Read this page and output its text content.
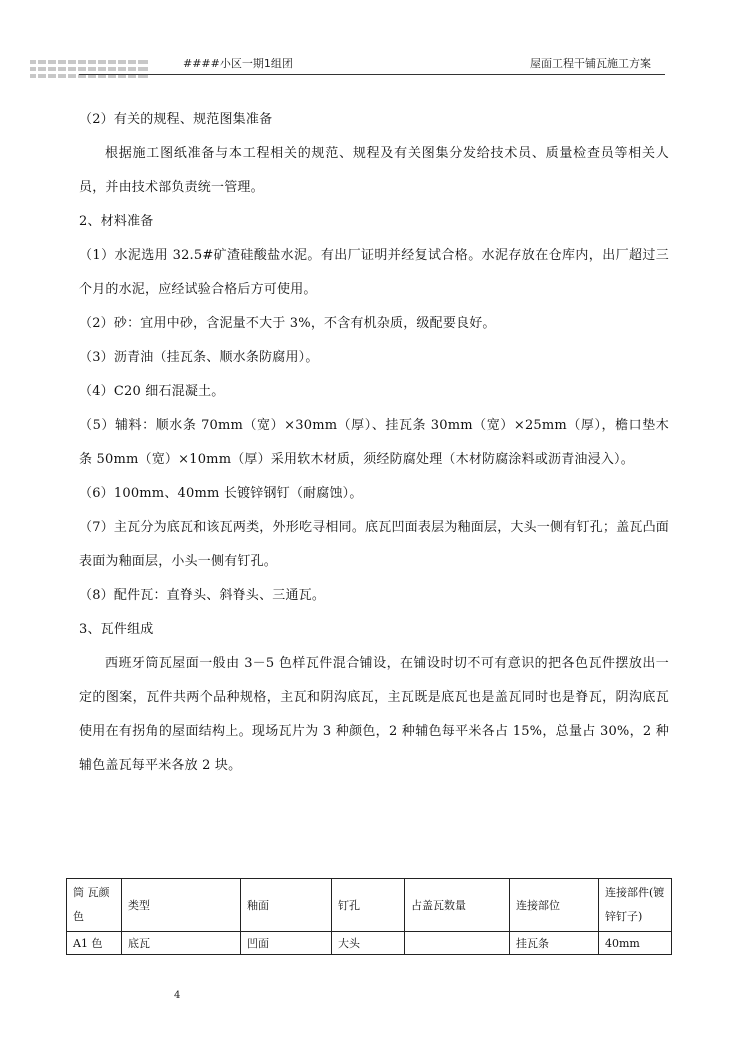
####小区一期1组团	屋面工程干铺瓦施工方案

（2）有关的规程、规范图集准备

根据施工图纸准备与本工程相关的规范、规程及有关图集分发给技术员、质量检查员等相关人员，并由技术部负责统一管理。

2、材料准备

（1）水泥选用 32.5#矿渣硅酸盐水泥。有出厂证明并经复试合格。水泥存放在仓库内，出厂超过三个月的水泥，应经试验合格后方可使用。

（2）砂：宜用中砂，含泥量不大于 3%，不含有机杂质，级配要良好。

（3）沥青油（挂瓦条、顺水条防腐用）。

（4）C20 细石混凝土。

（5）辅料：顺水条 70mm（宽）×30mm（厚）、挂瓦条 30mm（宽）×25mm（厚），檐口垫木条 50mm（宽）×10mm（厚）采用软木材质，须经防腐处理（木材防腐涂料或沥青油浸入）。

（6）100mm、40mm 长镀锌钢钉（耐腐蚀）。

（7）主瓦分为底瓦和该瓦两类，外形吃寻相同。底瓦凹面表层为釉面层，大头一侧有钉孔；盖瓦凸面表面为釉面层，小头一侧有钉孔。

（8）配件瓦：直脊头、斜脊头、三通瓦。

3、瓦件组成

西班牙筒瓦屋面一般由 3－5 色样瓦件混合铺设，在铺设时切不可有意识的把各色瓦件摆放出一定的图案，瓦件共两个品种规格，主瓦和阴沟底瓦，主瓦既是底瓦也是盖瓦同时也是脊瓦，阴沟底瓦使用在有拐角的屋面结构上。现场瓦片为 3 种颜色，2 种辅色每平米各占 15%，总量占 30%，2 种辅色盖瓦每平米各放 2 块。

筒 瓦颜色	类型	釉面	钉孔	占盖瓦数量	连接部位	连接部件(镀锌钉子)
A1 色	底瓦	凹面	大头		挂瓦条	40mm
4
